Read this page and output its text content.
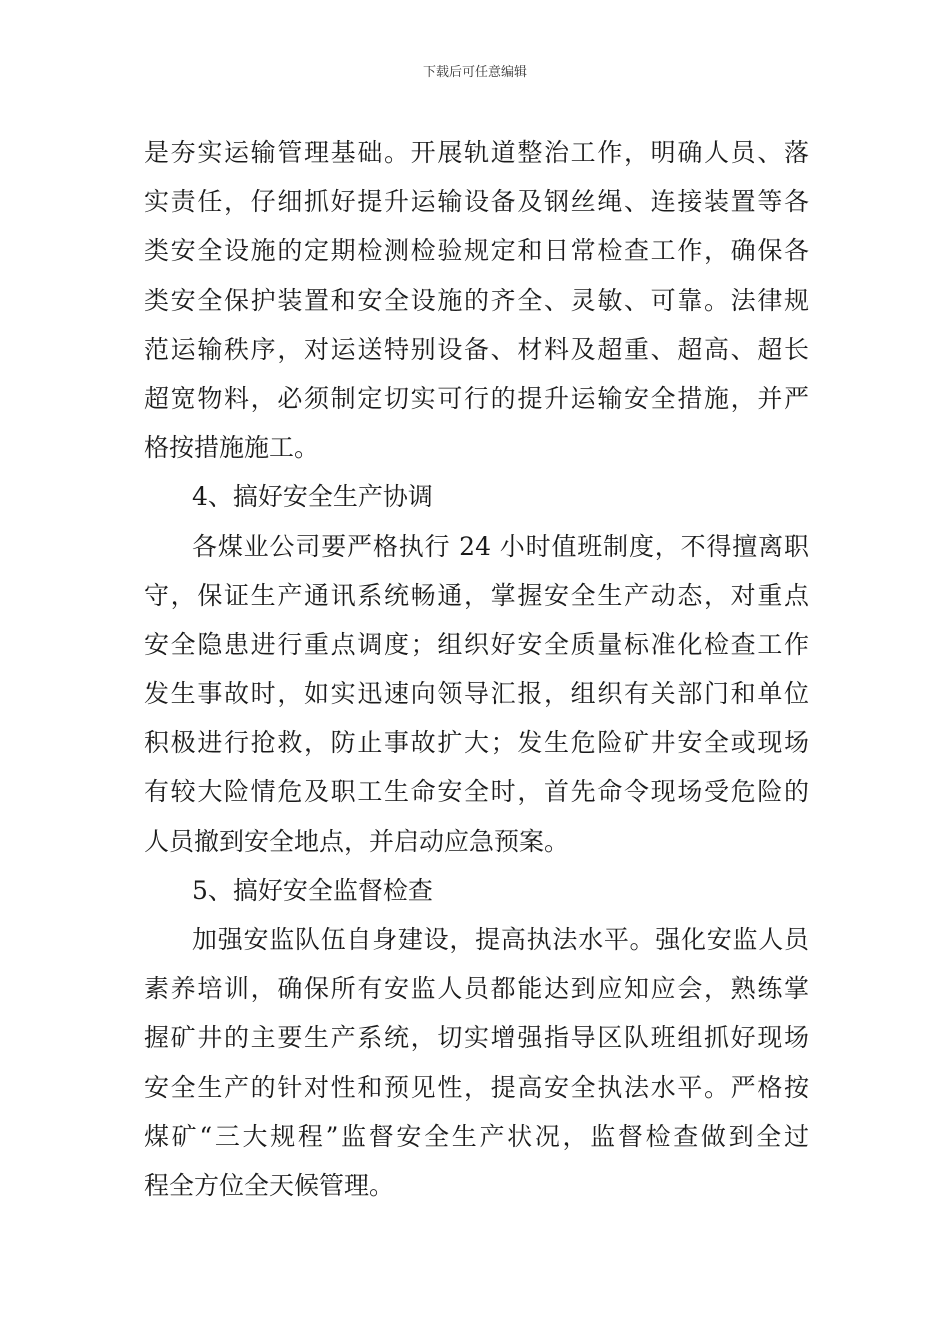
下载后可任意编辑
是夯实运输管理基础。开展轨道整治工作，明确人员、落
实责任，仔细抓好提升运输设备及钢丝绳、连接装置等各
类安全设施的定期检测检验规定和日常检查工作，确保各
类安全保护装置和安全设施的齐全、灵敏、可靠。法律规
范运输秩序，对运送特别设备、材料及超重、超高、超长
超宽物料，必须制定切实可行的提升运输安全措施，并严
格按措施施工。
4、搞好安全生产协调
各煤业公司要严格执行 24 小时值班制度，不得擅离职
守，保证生产通讯系统畅通，掌握安全生产动态，对重点
安全隐患进行重点调度；组织好安全质量标准化检查工作
发生事故时，如实迅速向领导汇报，组织有关部门和单位
积极进行抢救，防止事故扩大；发生危险矿井安全或现场
有较大险情危及职工生命安全时，首先命令现场受危险的
人员撤到安全地点，并启动应急预案。
5、搞好安全监督检查
加强安监队伍自身建设，提高执法水平。强化安监人员
素养培训，确保所有安监人员都能达到应知应会，熟练掌
握矿井的主要生产系统，切实增强指导区队班组抓好现场
安全生产的针对性和预见性，提高安全执法水平。严格按
煤矿“三大规程”监督安全生产状况，监督检查做到全过
程全方位全天候管理。
